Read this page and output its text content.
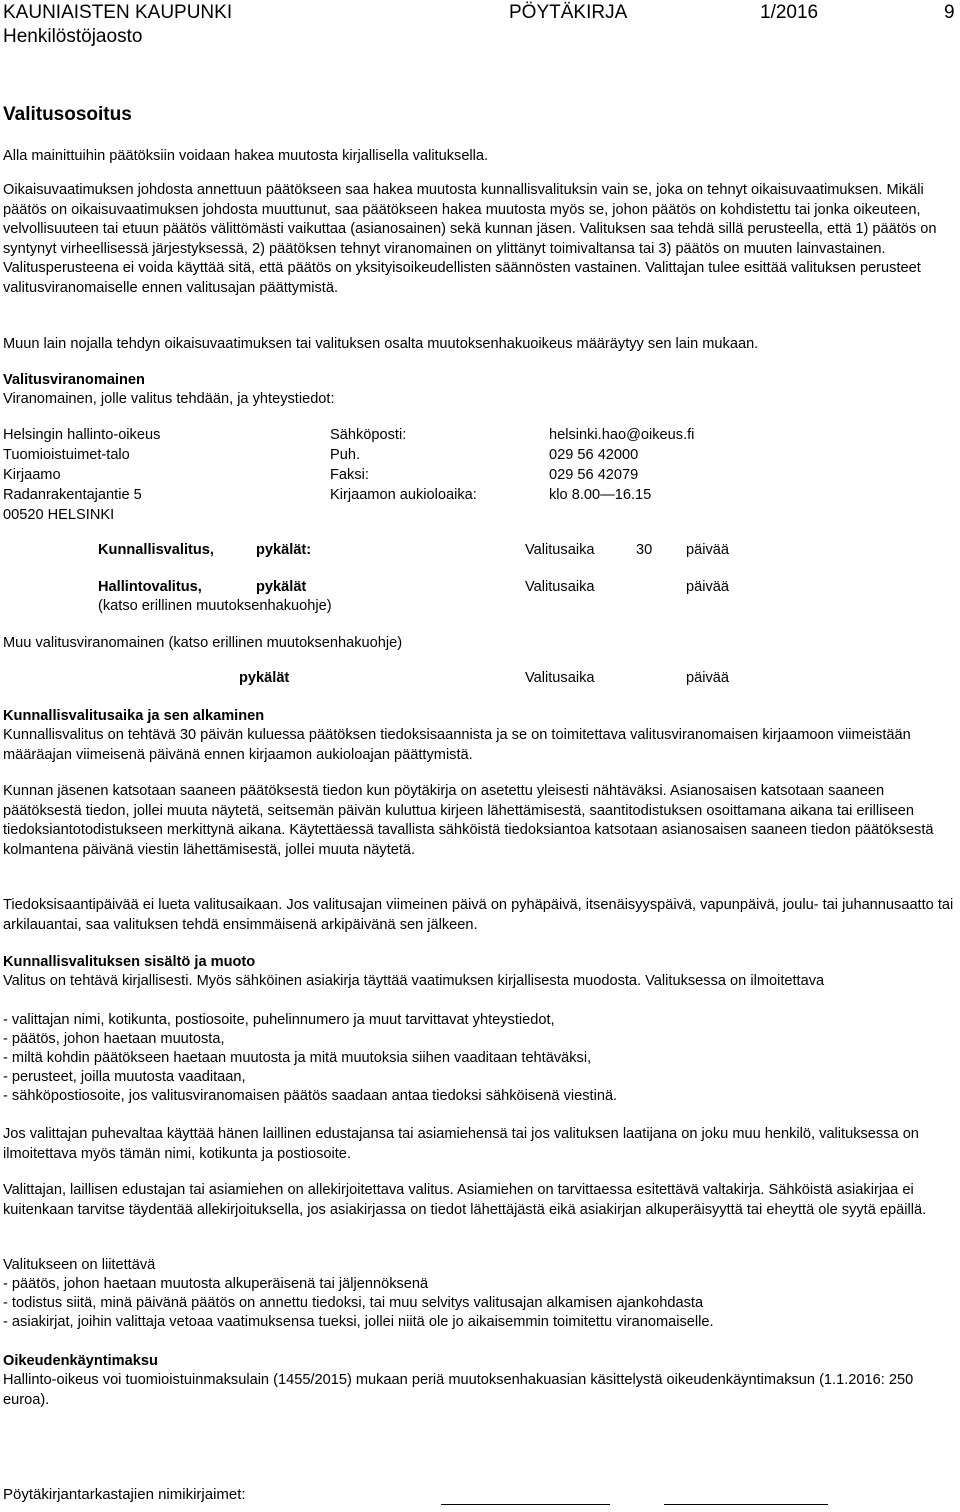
KAUNIAISTEN KAUPUNKI	PÖYTÄKIRJA	1/2016	9
Henkilöstöjaosto
Valitusosoitus
Alla mainittuihin päätöksiin voidaan hakea muutosta kirjallisella valituksella.
Oikaisuvaatimuksen johdosta annettuun päätökseen saa hakea muutosta kunnallisvalituksin vain se, joka on tehnyt oikaisuvaatimuksen. Mikäli päätös on oikaisuvaatimuksen johdosta muuttunut, saa päätökseen hakea muutosta myös se, johon päätös on kohdistettu tai jonka oikeuteen, velvollisuuteen tai etuun päätös välittömästi vaikuttaa (asianosainen) sekä kunnan jäsen. Valituksen saa tehdä sillä perusteella, että 1) päätös on syntynyt virheellisessä järjestyksessä, 2) päätöksen tehnyt viranomainen on ylittänyt toimivaltansa tai 3) päätös on muuten lainvastainen. Valitusperusteena ei voida käyttää sitä, että päätös on yksityisoikeudellisten säännösten vastainen. Valittajan tulee esittää valituksen perusteet valitusviranomaiselle ennen valitusajan päättymistä.
Muun lain nojalla tehdyn oikaisuvaatimuksen tai valituksen osalta muutoksenhakuoikeus määräytyy sen lain mukaan.
Valitusviranomainen
Viranomainen, jolle valitus tehdään, ja yhteystiedot:
Helsingin hallinto-oikeus	Sähköposti:	helsinki.hao@oikeus.fi
Tuomioistuimet-talo	Puh.	029 56 42000
Kirjaamo	Faksi:	029 56 42079
Radanrakentajantie 5	Kirjaamon aukioloaika:	klo 8.00—16.15
00520 HELSINKI
Kunnallisvalitus,	pykälät:	Valitusaika	30 päivää
Hallintovalitus,	pykälät	Valitusaika	päivää
(katso erillinen muutoksenhakuohje)
Muu valitusviranomainen (katso erillinen muutoksenhakuohje)
pykälät	Valitusaika	päivää
Kunnallisvalitusaika ja sen alkaminen
Kunnallisvalitus on tehtävä 30 päivän kuluessa päätöksen tiedoksisaannista ja se on toimitettava valitusviranomaisen kirjaamoon viimeistään määräajan viimeisenä päivänä ennen kirjaamon aukioloajan päättymistä.
Kunnan jäsenen katsotaan saaneen päätöksestä tiedon kun pöytäkirja on asetettu yleisesti nähtäväksi. Asianosaisen katsotaan saaneen päätöksestä tiedon, jollei muuta näytetä, seitsemän päivän kuluttua kirjeen lähettämisestä, saantitodistuksen osoittamana aikana tai erilliseen tiedoksiantotodistukseen merkittynä aikana. Käytettäessä tavallista sähköistä tiedoksiantoa katsotaan asianosaisen saaneen tiedon päätöksestä kolmantena päivänä viestin lähettämisestä, jollei muuta näytetä.
Tiedoksisaantipäivää ei lueta valitusaikaan. Jos valitusajan viimeinen päivä on pyhäpäivä, itsenäisyyspäivä, vapunpäivä, joulu- tai juhannusaatto tai arkilauantai, saa valituksen tehdä ensimmäisenä arkipäivänä sen jälkeen.
Kunnallisvalituksen sisältö ja muoto
Valitus on tehtävä kirjallisesti. Myös sähköinen asiakirja täyttää vaatimuksen kirjallisesta muodosta. Valituksessa on ilmoitettava
- valittajan nimi, kotikunta, postiosoite, puhelinnumero ja muut tarvittavat yhteystiedot,
- päätös, johon haetaan muutosta,
- miltä kohdin päätökseen haetaan muutosta ja mitä muutoksia siihen vaaditaan tehtäväksi,
- perusteet, joilla muutosta vaaditaan,
- sähköpostiosoite, jos valitusviranomaisen päätös saadaan antaa tiedoksi sähköisenä viestinä.
Jos valittajan puhevaltaa käyttää hänen laillinen edustajansa tai asiamiehensä tai jos valituksen laatijana on joku muu henkilö, valituksessa on ilmoitettava myös tämän nimi, kotikunta ja postiosoite.
Valittajan, laillisen edustajan tai asiamiehen on allekirjoitettava valitus. Asiamiehen on tarvittaessa esitettävä valtakirja. Sähköistä asiakirjaa ei kuitenkaan tarvitse täydentää allekirjoituksella, jos asiakirjassa on tiedot lähettäjästä eikä asiakirjan alkuperäisyyttä tai eheyttä ole syytä epäillä.
Valitukseen on liitettävä
- päätös, johon haetaan muutosta alkuperäisenä tai jäljennöksenä
- todistus siitä, minä päivänä päätös on annettu tiedoksi, tai muu selvitys valitusajan alkamisen ajankohdasta
- asiakirjat, joihin valittaja vetoaa vaatimuksensa tueksi, jollei niitä ole jo aikaisemmin toimitettu viranomaiselle.
Oikeudenkäyntimaksu
Hallinto-oikeus voi tuomioistuinmaksulain (1455/2015) mukaan periä muutoksenhakuasian käsittelystä oikeudenkäyntimaksun (1.1.2016: 250 euroa).
Pöytäkirjantarkastajien nimikirjaimet:
